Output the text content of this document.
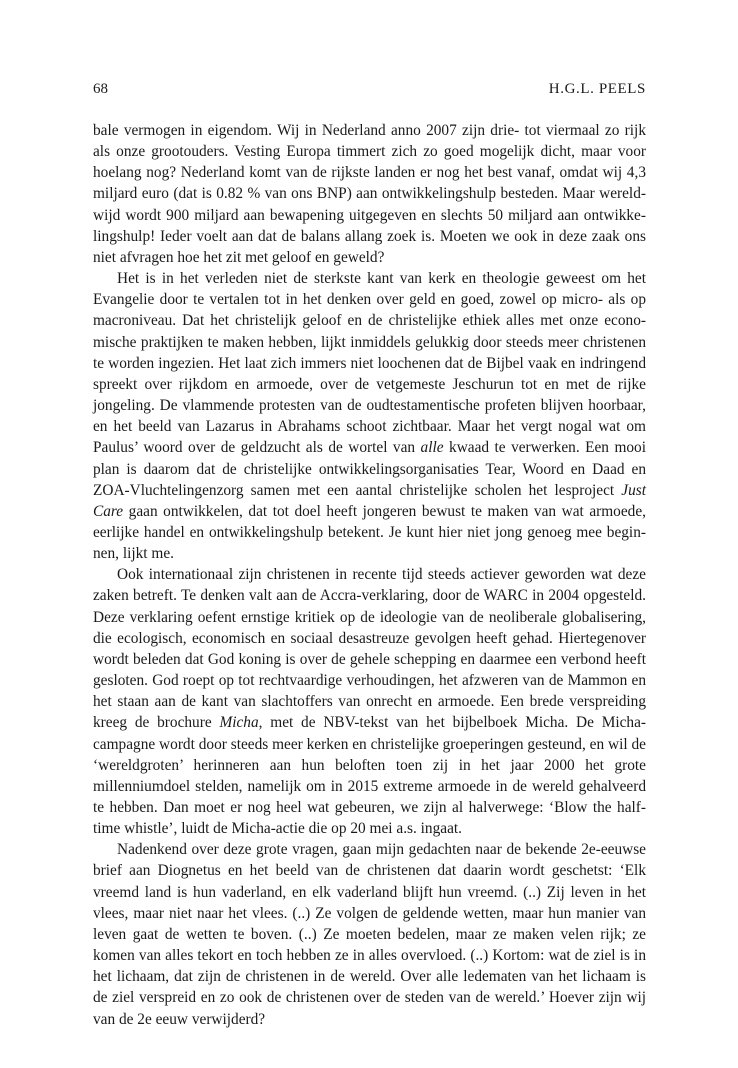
68	H.G.L. PEELS

bale vermogen in eigendom. Wij in Nederland anno 2007 zijn drie- tot viermaal zo rijk als onze grootouders. Vesting Europa timmert zich zo goed mogelijk dicht, maar voor hoelang nog? Nederland komt van de rijkste landen er nog het best vanaf, omdat wij 4,3 miljard euro (dat is 0.82 % van ons BNP) aan ontwikkelingshulp besteden. Maar wereldwijd wordt 900 miljard aan bewapening uitgegeven en slechts 50 miljard aan ontwikkelingshulp! Ieder voelt aan dat de balans allang zoek is. Moeten we ook in deze zaak ons niet afvragen hoe het zit met geloof en geweld?

Het is in het verleden niet de sterkste kant van kerk en theologie geweest om het Evangelie door te vertalen tot in het denken over geld en goed, zowel op micro- als op macroniveau. Dat het christelijk geloof en de christelijke ethiek alles met onze economische praktijken te maken hebben, lijkt inmiddels gelukkig door steeds meer christenen te worden ingezien. Het laat zich immers niet loochenen dat de Bijbel vaak en indringend spreekt over rijkdom en armoede, over de vetgemeste Jeschurun tot en met de rijke jongeling. De vlammende protesten van de oudtestamentische profeten blijven hoorbaar, en het beeld van Lazarus in Abrahams schoot zichtbaar. Maar het vergt nogal wat om Paulus’ woord over de geldzucht als de wortel van alle kwaad te verwerken. Een mooi plan is daarom dat de christelijke ontwikkelingsorganisaties Tear, Woord en Daad en ZOA-Vluchtelingenzorg samen met een aantal christelijke scholen het lesproject Just Care gaan ontwikkelen, dat tot doel heeft jongeren bewust te maken van wat armoede, eerlijke handel en ontwikkelingshulp betekent. Je kunt hier niet jong genoeg mee beginnen, lijkt me.

Ook internationaal zijn christenen in recente tijd steeds actiever geworden wat deze zaken betreft. Te denken valt aan de Accra-verklaring, door de WARC in 2004 opgesteld. Deze verklaring oefent ernstige kritiek op de ideologie van de neoliberale globalisering, die ecologisch, economisch en sociaal desastreuze gevolgen heeft gehad. Hiertegenover wordt beleden dat God koning is over de gehele schepping en daarmee een verbond heeft gesloten. God roept op tot rechtvaardige verhoudingen, het afzweren van de Mammon en het staan aan de kant van slachtoffers van onrecht en armoede. Een brede verspreiding kreeg de brochure Micha, met de NBV-tekst van het bijbelboek Micha. De Micha-campagne wordt door steeds meer kerken en christelijke groeperingen gesteund, en wil de ‘wereldgroten’ herinneren aan hun beloften toen zij in het jaar 2000 het grote millenniumdoel stelden, namelijk om in 2015 extreme armoede in de wereld gehalveerd te hebben. Dan moet er nog heel wat gebeuren, we zijn al halverwege: ‘Blow the half-time whistle’, luidt de Micha-actie die op 20 mei a.s. ingaat.

Nadenkend over deze grote vragen, gaan mijn gedachten naar de bekende 2e-eeuwse brief aan Diognetus en het beeld van de christenen dat daarin wordt geschetst: ‘Elk vreemd land is hun vaderland, en elk vaderland blijft hun vreemd. (..) Zij leven in het vlees, maar niet naar het vlees. (..) Ze volgen de geldende wetten, maar hun manier van leven gaat de wetten te boven. (..) Ze moeten bedelen, maar ze maken velen rijk; ze komen van alles tekort en toch hebben ze in alles overvloed. (..) Kortom: wat de ziel is in het lichaam, dat zijn de christenen in de wereld. Over alle ledematen van het lichaam is de ziel verspreid en zo ook de christenen over de steden van de wereld.’ Hoever zijn wij van de 2e eeuw verwijderd?
